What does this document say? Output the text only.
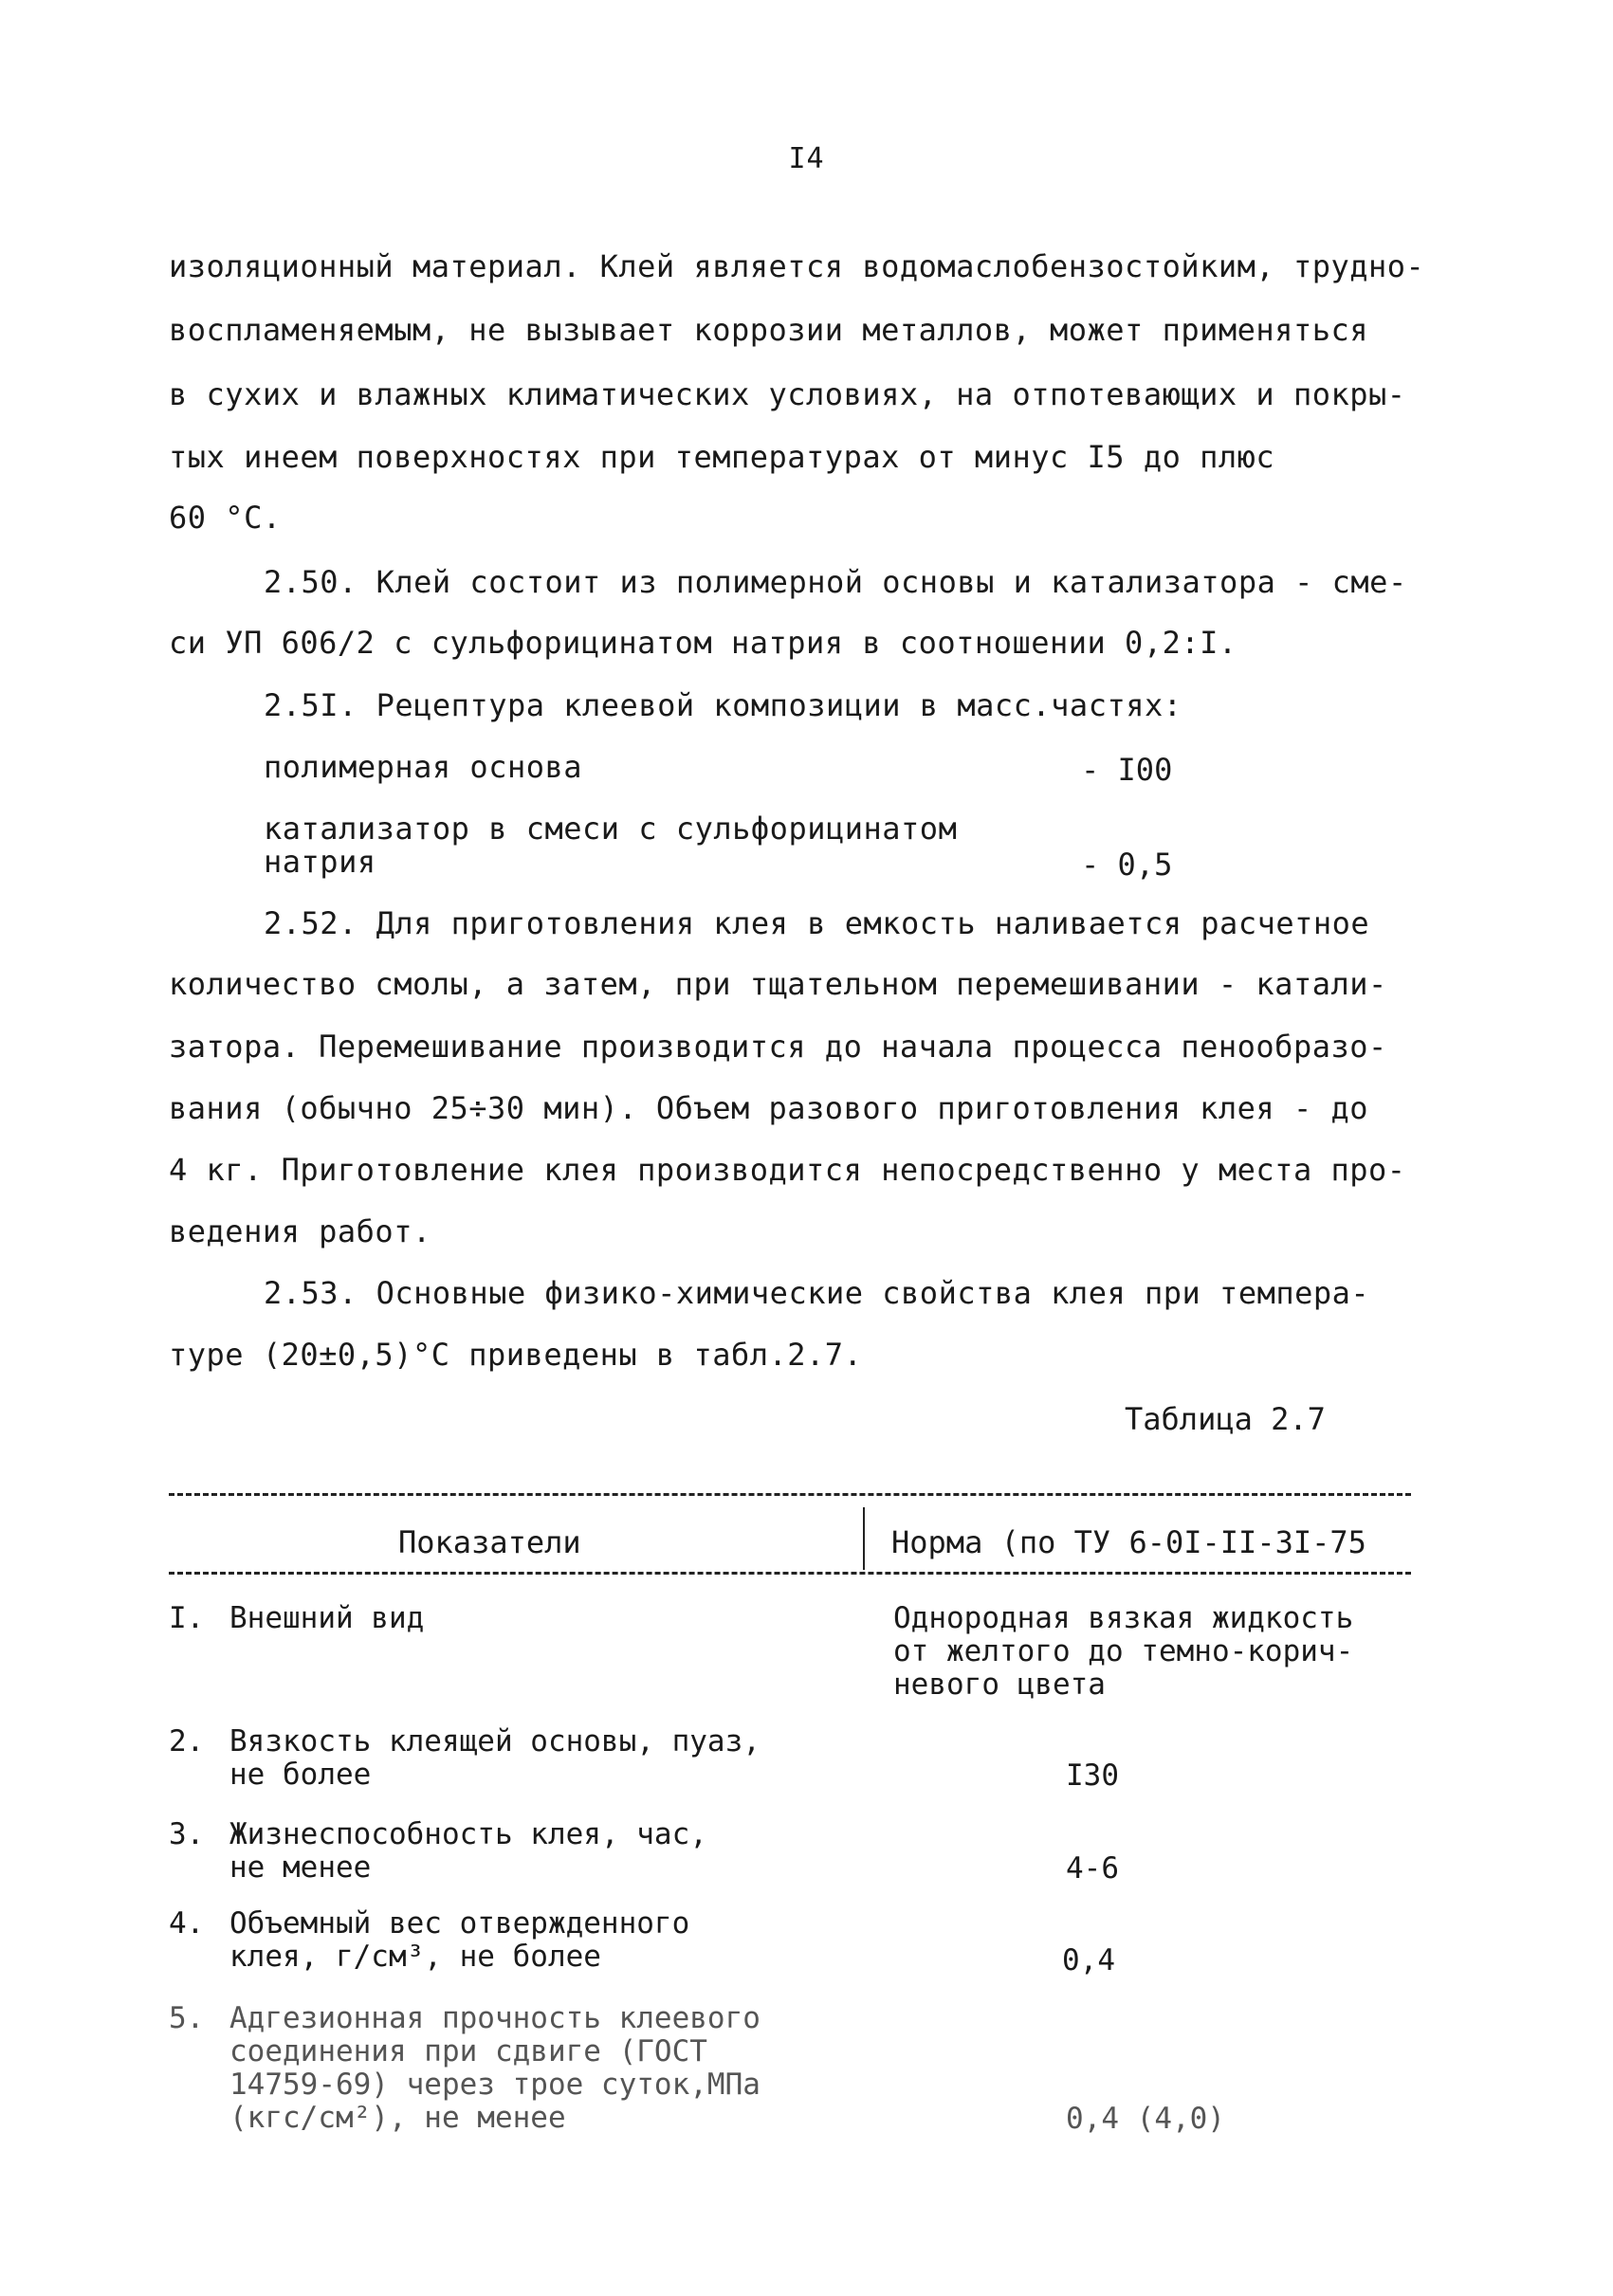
I4
изоляционный материал. Клей является водомаслобензостойким, трудно-
воспламеняемым, не вызывает коррозии металлов, может применяться
в сухих и влажных климатических условиях, на отпотевающих и покры-
тых инеем поверхностях при температурах от минус I5 до плюс
60 °С.
2.50. Клей состоит из полимерной основы и катализатора - сме-
си УП 606/2 с сульфорицинатом натрия в соотношении 0,2:I.
2.5I. Рецептура клеевой композиции в масс.частях:
полимерная основа	- I00
катализатор в смеси с сульфорицинатом
натрия	- 0,5
2.52. Для приготовления клея в емкость наливается расчетное
количество смолы, а затем, при тщательном перемешивании - катали-
затора. Перемешивание производится до начала процесса пенообразо-
вания (обычно 25÷30 мин). Объем разового приготовления клея - до
4 кг. Приготовление клея производится непосредственно у места про-
ведения работ.
2.53. Основные физико-химические свойства клея при темпера-
туре (20±0,5)°С приведены в табл.2.7.
Таблица 2.7
Показатели	Норма (по ТУ 6-0I-II-3I-75
I. Внешний вид	Однородная вязкая жидкость
от желтого до темно-корич-
невого цвета
2. Вязкость клеящей основы, пуаз,
не более	I30
3. Жизнеспособность клея, час,
не менее	4-6
4. Объемный вес отвержденного
клея, г/см³, не более	0,4
5. Адгезионная прочность клеевого
соединения при сдвиге (ГОСТ
14759-69) через трое суток,МПа
(кгс/см²), не менее	0,4 (4,0)
